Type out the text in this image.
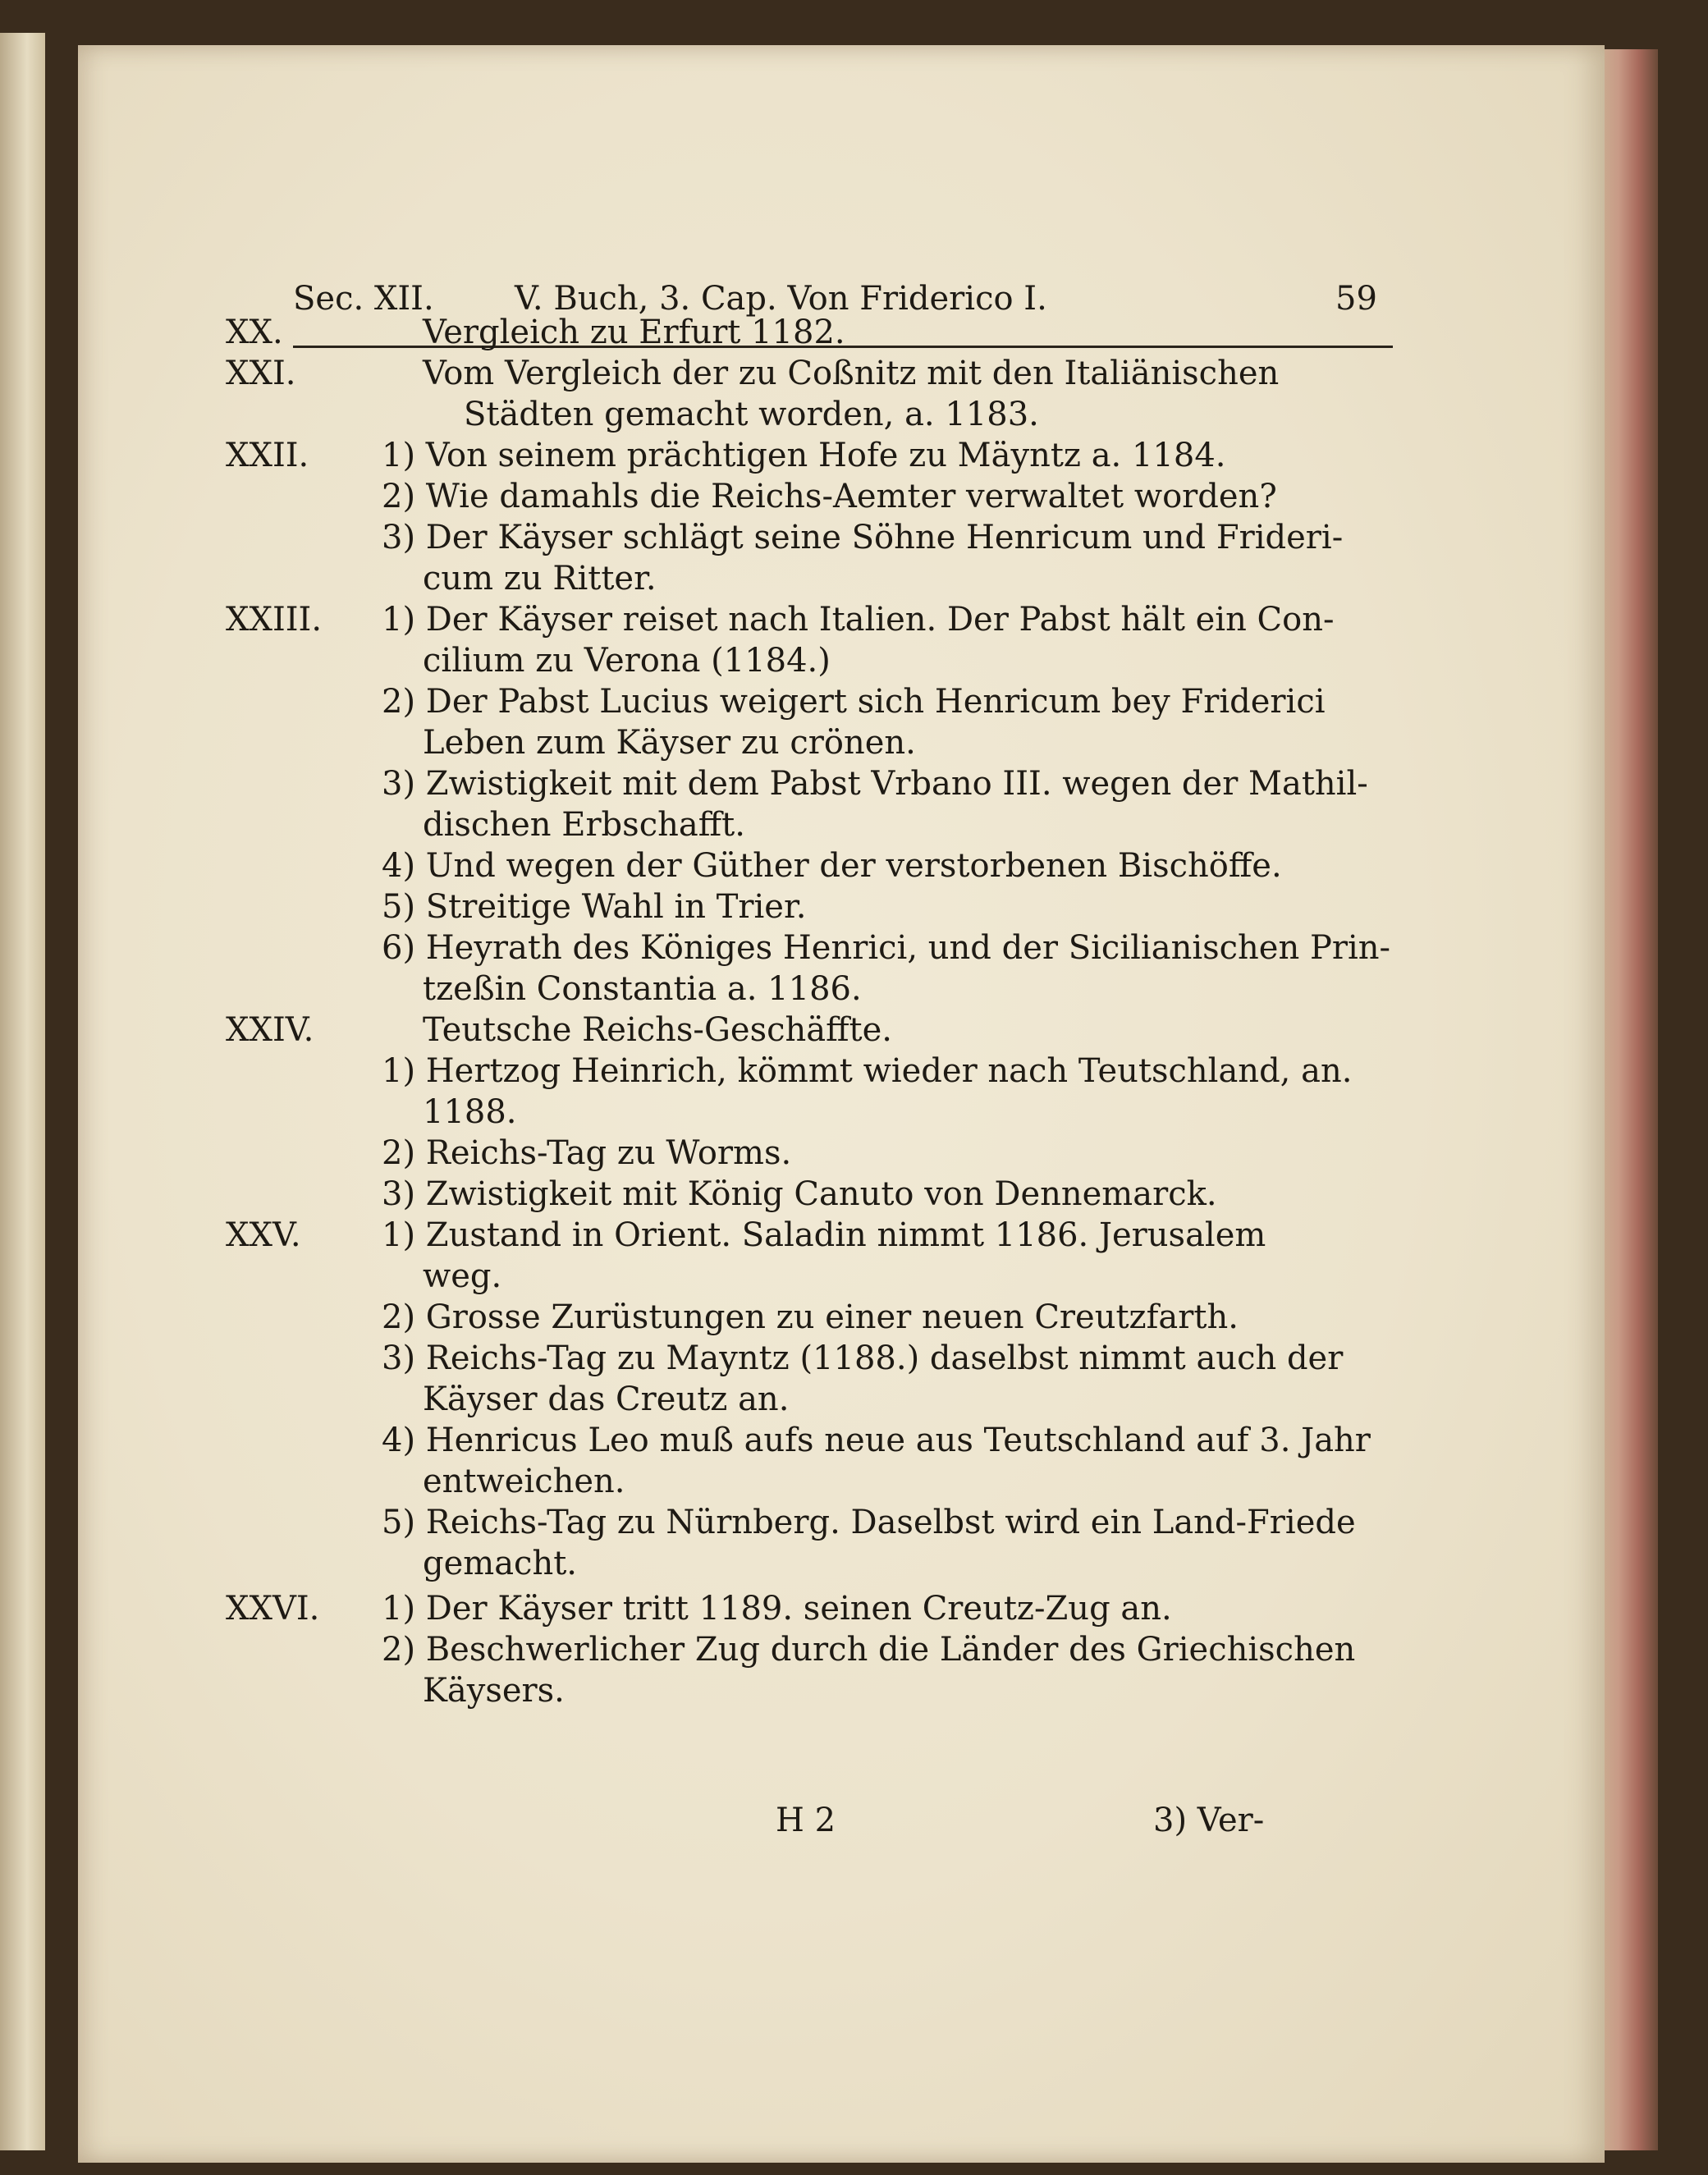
Sec. XII. V. Buch, 3. Cap. Von Friderico I.	59
XX.	Vergleich zu Erfurt 1182.
XXI.	Vom Vergleich der zu Coßnitz mit den Italiänischen
Städten gemacht worden, a. 1183.
XXII. 1) Von seinem prächtigen Hofe zu Mäyntz a. 1184.
2) Wie damahls die Reichs-Aemter verwaltet worden?
3) Der Käyser schlägt seine Söhne Henricum und Frideri-
cum zu Ritter.
XXIII. 1) Der Käyser reiset nach Italien. Der Pabst hält ein Con-
cilium zu Verona (1184.)
2) Der Pabst Lucius weigert sich Henricum bey Friderici
Leben zum Käyser zu crönen.
3) Zwistigkeit mit dem Pabst Vrbano III. wegen der Mathil-
dischen Erbschafft.
4) Und wegen der Güther der verstorbenen Bischöffe.
5) Streitige Wahl in Trier.
6) Heyrath des Königes Henrici, und der Sicilianischen Prin-
tzeßin Constantia a. 1186.
XXIV.	Teutsche Reichs-Geschäffte.
1) Hertzog Heinrich, kömmt wieder nach Teutschland, an.
1188.
2) Reichs-Tag zu Worms.
3) Zwistigkeit mit König Canuto von Dennemarck.
XXV. 1) Zustand in Orient. Saladin nimmt 1186. Jerusalem
weg.
2) Grosse Zurüstungen zu einer neuen Creutzfarth.
3) Reichs-Tag zu Mayntz (1188.) daselbst nimmt auch der
Käyser das Creutz an.
4) Henricus Leo muß aufs neue aus Teutschland auf 3. Jahr
entweichen.
5) Reichs-Tag zu Nürnberg. Daselbst wird ein Land-Friede
gemacht.
XXVI. 1) Der Käyser tritt 1189. seinen Creutz-Zug an.
2) Beschwerlicher Zug durch die Länder des Griechischen
Käysers.
H 2	3) Ver-
